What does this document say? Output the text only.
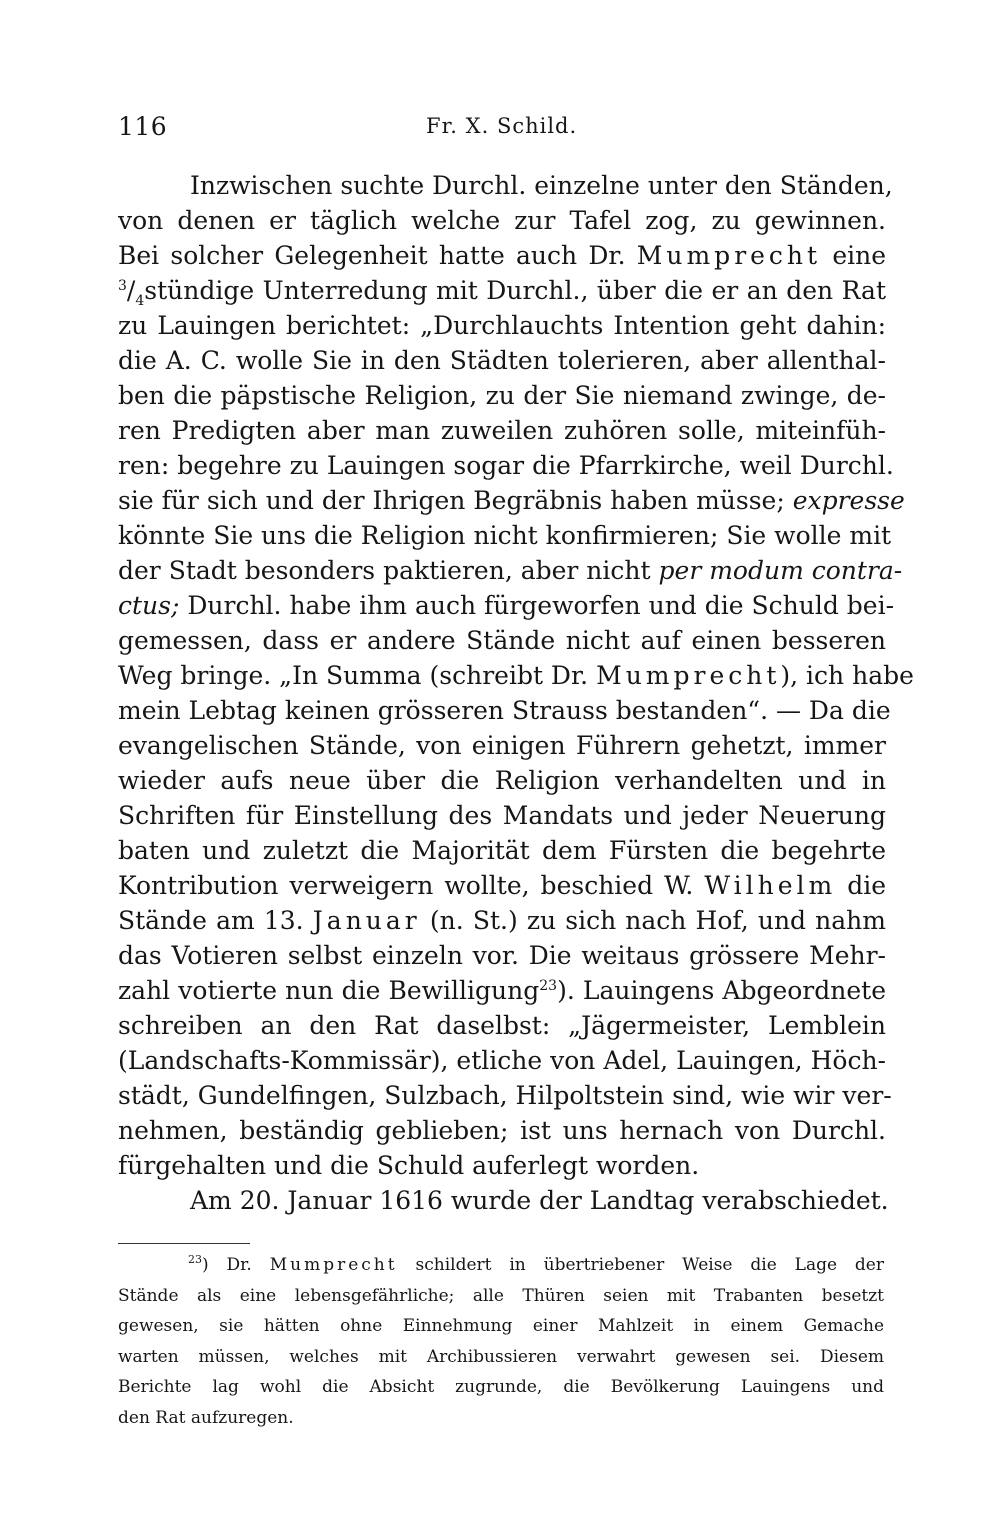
116	Fr. X. Schild.
Inzwischen suchte Durchl. einzelne unter den Ständen,
von denen er täglich welche zur Tafel zog, zu gewinnen.
Bei solcher Gelegenheit hatte auch Dr. Mumprecht eine
$^3/_4stündige$ Unterredung mit Durchl., über die er an den Rat
zu Lauingen berichtet: „Durchlauchts Intention geht dahin:
die A. C. wolle Sie in den Städten tolerieren, aber allenthal-
ben die päpstische Religion, zu der Sie niemand zwinge, de-
ren Predigten aber man zuweilen zuhören solle, miteinfüh-
ren: begehre zu Lauingen sogar die Pfarrkirche, weil Durchl.
sie für sich und der Ihrigen Begräbnis haben müsse; expresse
könnte Sie uns die Religion nicht konfirmieren; Sie wolle mit
der Stadt besonders paktieren, aber nicht per modum contra-
ctus; Durchl. habe ihm auch fürgeworfen und die Schuld bei-
gemessen, dass er andere Stände nicht auf einen besseren
Weg bringe. „In Summa (schreibt Dr. Mumprecht), ich habe
mein Lebtag keinen grösseren Strauss bestanden“. — Da die
evangelischen Stände, von einigen Führern gehetzt, immer
wieder aufs neue über die Religion verhandelten und in
Schriften für Einstellung des Mandats und jeder Neuerung
baten und zuletzt die Majorität dem Fürsten die begehrte
Kontribution verweigern wollte, beschied W. Wilhelm die
Stände am 13. Januar (n. St.) zu sich nach Hof, und nahm
das Votieren selbst einzeln vor. Die weitaus grössere Mehr-
zahl votierte nun die Bewilligung$^{23}$). Lauingens Abgeordnete
schreiben an den Rat daselbst: „Jägermeister, Lemblein
(Landschafts-Kommissär), etliche von Adel, Lauingen, Höch-
städt, Gundelfingen, Sulzbach, Hilpoltstein sind, wie wir ver-
nehmen, beständig geblieben; ist uns hernach von Durchl.
fürgehalten und die Schuld auferlegt worden.
Am 20. Januar 1616 wurde der Landtag verabschiedet.
$^{23}$) Dr. Mumprecht schildert in übertriebener Weise die Lage der
Stände als eine lebensgefährliche; alle Thüren seien mit Trabanten besetzt
gewesen, sie hätten ohne Einnehmung einer Mahlzeit in einem Gemache
warten müssen, welches mit Archibussieren verwahrt gewesen sei. Diesem
Berichte lag wohl die Absicht zugrunde, die Bevölkerung Lauingens und
den Rat aufzuregen.
